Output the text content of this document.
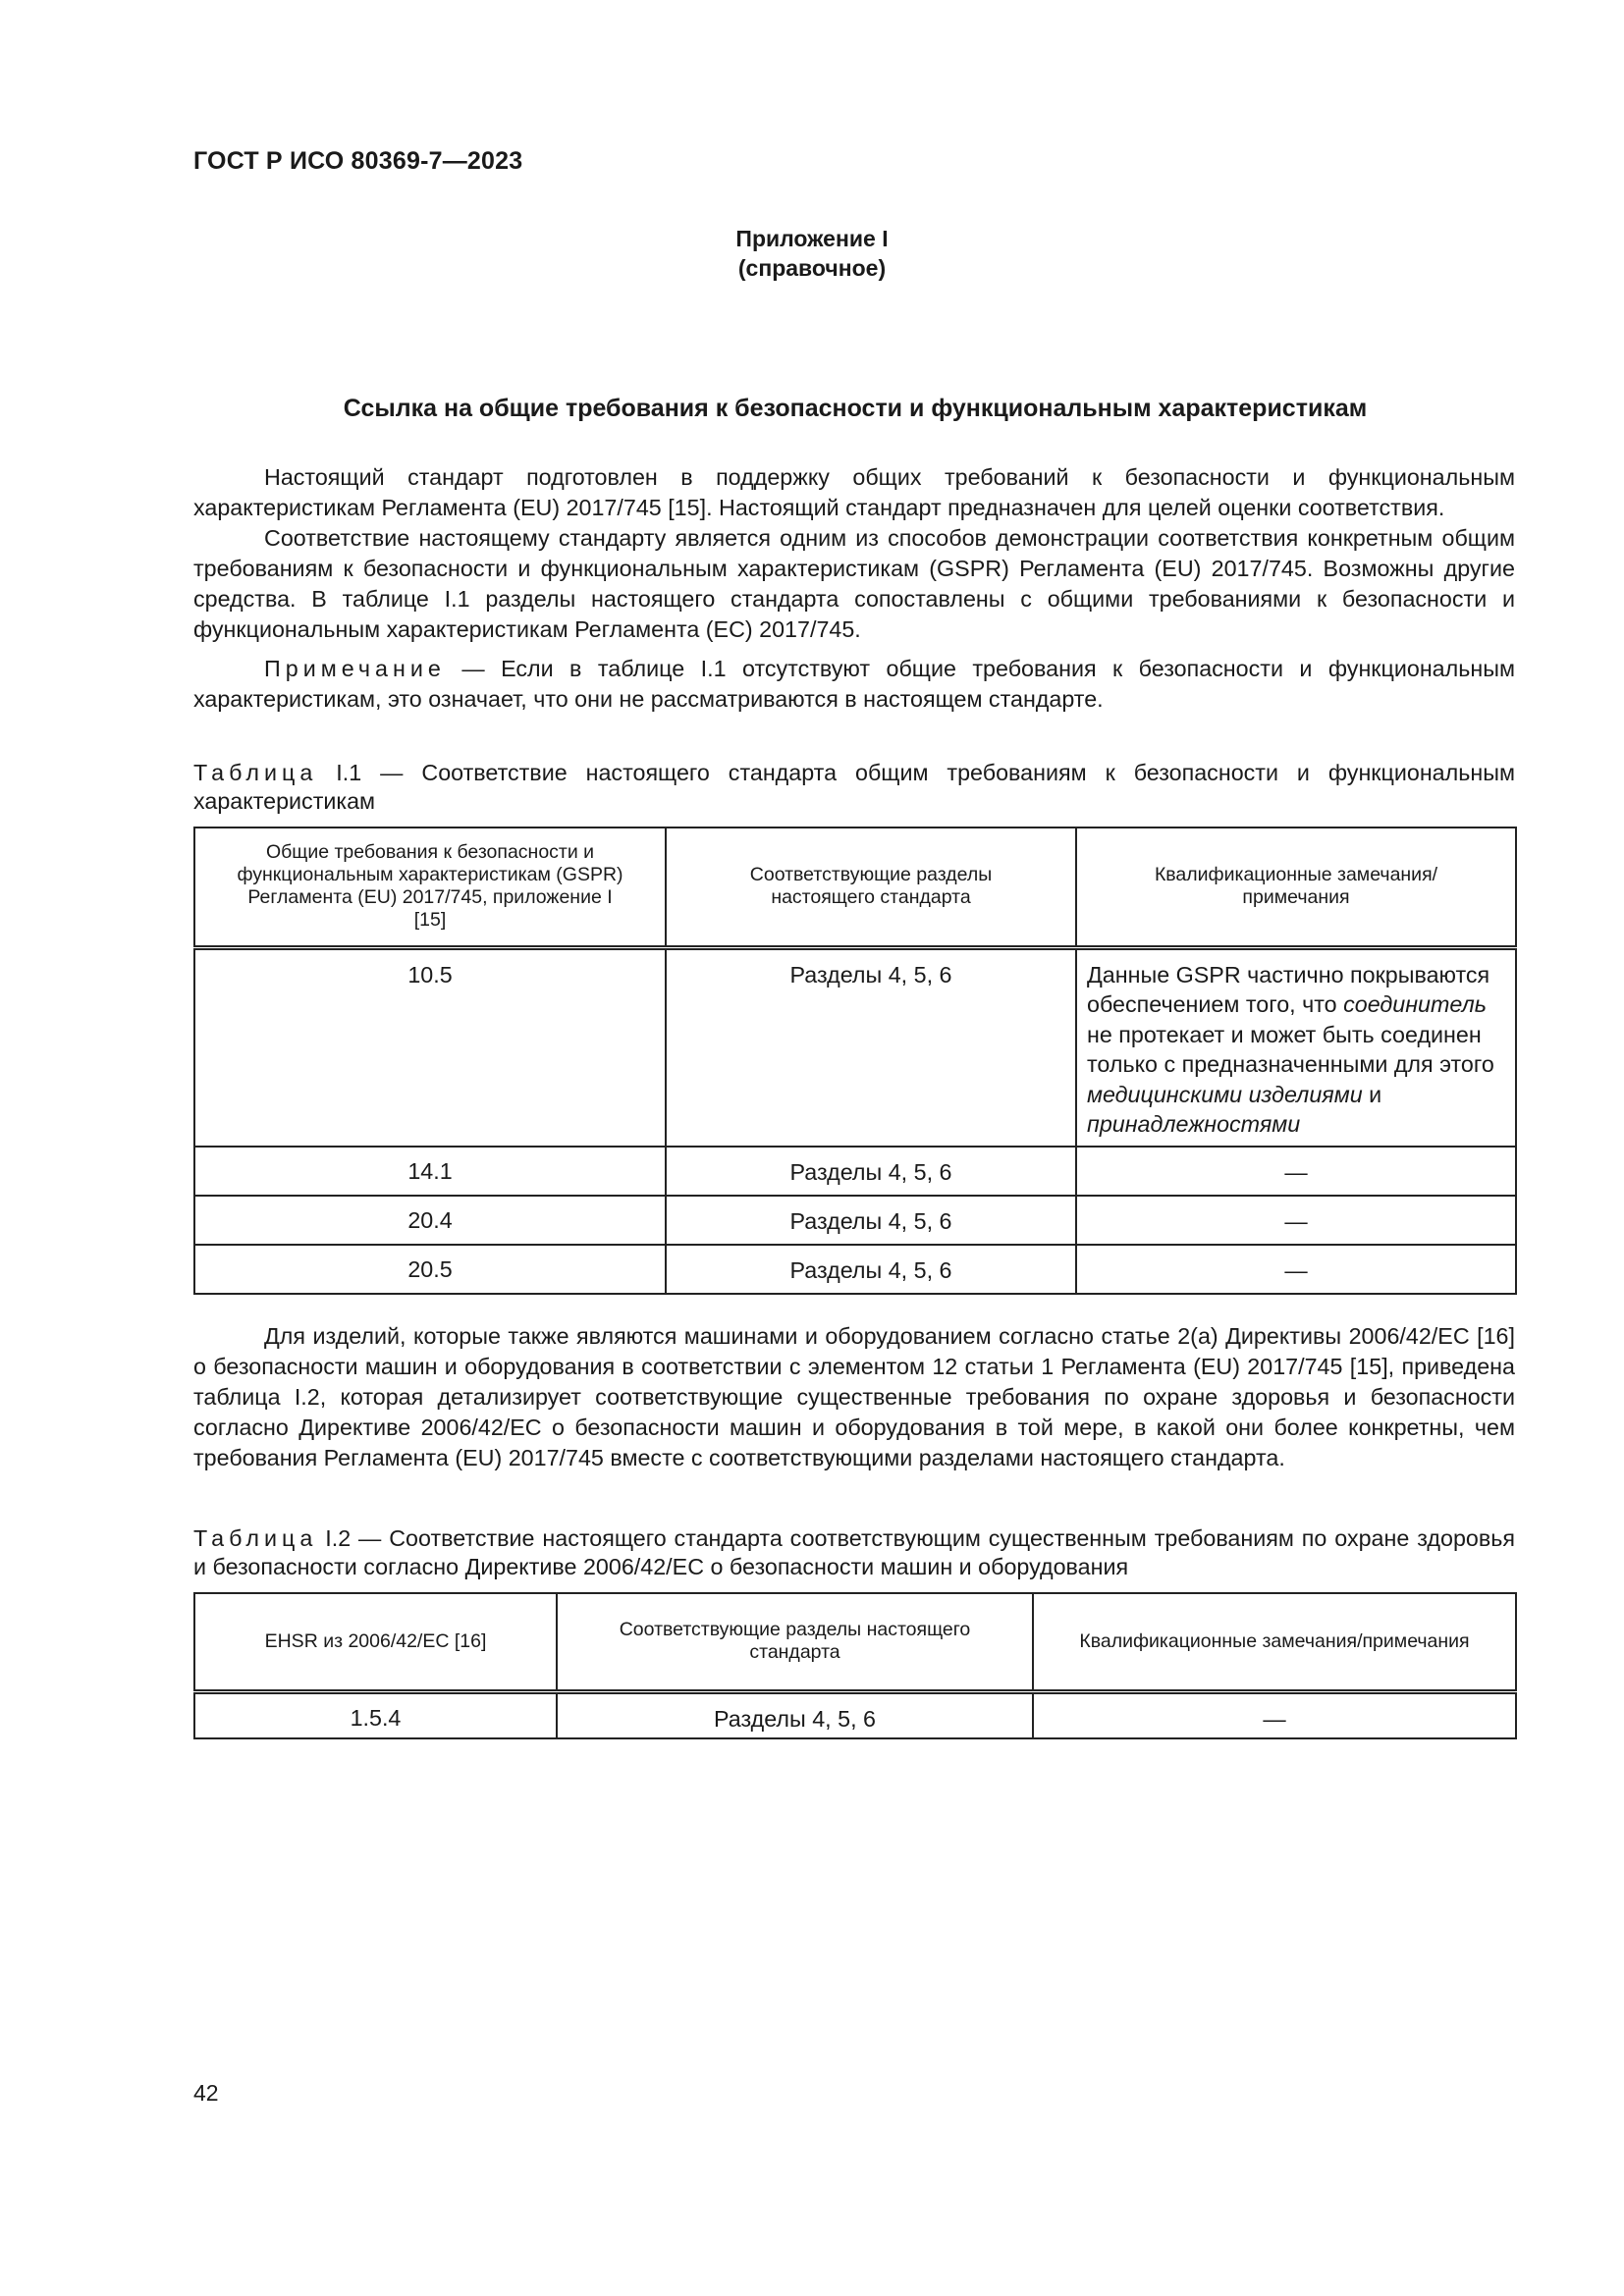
ГОСТ Р ИСО 80369-7—2023
Приложение I
(справочное)
Ссылка на общие требования к безопасности и функциональным характеристикам

Настоящий стандарт подготовлен в поддержку общих требований к безопасности и функциональным характеристикам Регламента (EU) 2017/745 [15]. Настоящий стандарт предназначен для целей оценки соответствия.

Соответствие настоящему стандарту является одним из способов демонстрации соответствия конкретным общим требованиям к безопасности и функциональным характеристикам (GSPR) Регламента (EU) 2017/745. Возможны другие средства. В таблице I.1 разделы настоящего стандарта сопоставлены с общими требованиями к безопасности и функциональным характеристикам Регламента (EC) 2017/745.

Примечание — Если в таблице I.1 отсутствуют общие требования к безопасности и функциональным характеристикам, это означает, что они не рассматриваются в настоящем стандарте.

Таблица I.1 — Соответствие настоящего стандарта общим требованиям к безопасности и функциональным характеристикам
Общие требования к безопасности и функциональным характеристикам (GSPR) Регламента (EU) 2017/745, приложение I [15]	Соответствующие разделы настоящего стандарта	Квалификационные замечания/ примечания
10.5	Разделы 4, 5, 6	Данные GSPR частично покрываются обеспечением того, что соединитель не протекает и может быть соединен только с предназначенными для этого медицинскими изделиями и принадлежностями
14.1	Разделы 4, 5, 6	—
20.4	Разделы 4, 5, 6	—
20.5	Разделы 4, 5, 6	—

Для изделий, которые также являются машинами и оборудованием согласно статье 2(a) Директивы 2006/42/EC [16] о безопасности машин и оборудования в соответствии с элементом 12 статьи 1 Регламента (EU) 2017/745 [15], приведена таблица I.2, которая детализирует соответствующие существенные требования по охране здоровья и безопасности согласно Директиве 2006/42/EC о безопасности машин и оборудования в той мере, в какой они более конкретны, чем требования Регламента (EU) 2017/745 вместе с соответствующими разделами настоящего стандарта.

Таблица I.2 — Соответствие настоящего стандарта соответствующим существенным требованиям по охране здоровья и безопасности согласно Директиве 2006/42/EC о безопасности машин и оборудования
EHSR из 2006/42/EC [16]	Соответствующие разделы настоящего стандарта	Квалификационные замечания/примечания
1.5.4	Разделы 4, 5, 6	—
42
